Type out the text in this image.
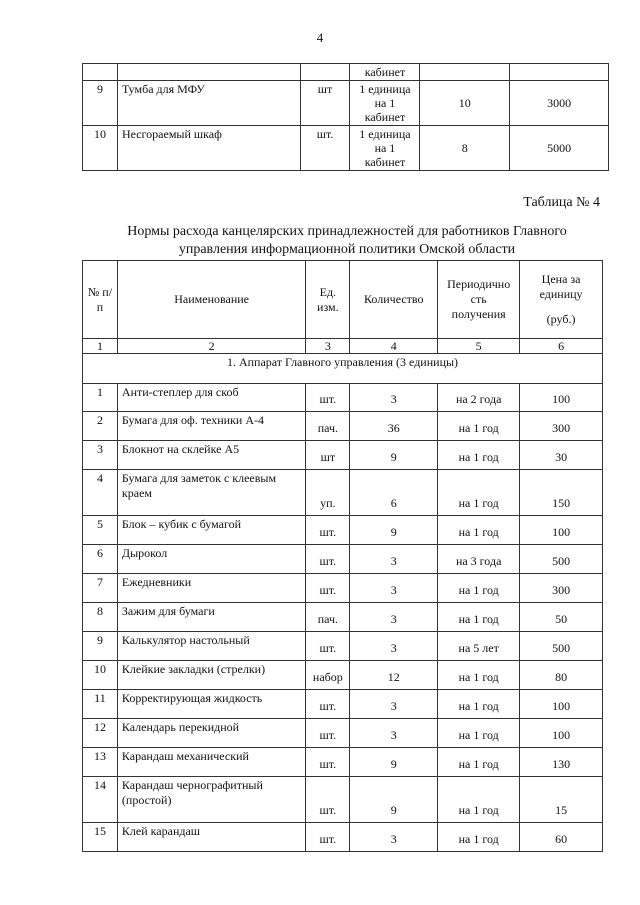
4
			кабинет		
9	Тумба для МФУ	шт	1 единица на 1 кабинет	10	3000
10	Несгораемый шкаф	шт.	1 единица на 1 кабинет	8	5000
Таблица № 4
Нормы расхода канцелярских принадлежностей для работников Главного управления информационной политики Омской области
№ п/п	Наименование	Ед. изм.	Количество	Периодично сть получения	Цена за единицу
(руб.)

1	2	3	4	5	6
1. Аппарат Главного управления (3 единицы)					
1	Анти-степлер для скоб	шт.	3	на 2 года	100
2	Бумага для оф. техники А-4	пач.	36	на 1 год	300
3	Блокнот на склейке А5	шт	9	на 1 год	30
4	Бумага для заметок с клеевым краем	уп.	6	на 1 год	150
5	Блок – кубик с бумагой	шт.	9	на 1 год	100
6	Дырокол	шт.	3	на 3 года	500
7	Ежедневники	шт.	3	на 1 год	300
8	Зажим для бумаги	пач.	3	на 1 год	50
9	Калькулятор настольный	шт.	3	на 5 лет	500
10	Клейкие закладки (стрелки)	набор	12	на 1 год	80
11	Корректирующая жидкость	шт.	3	на 1 год	100
12	Календарь перекидной	шт.	3	на 1 год	100
13	Карандаш механический	шт.	9	на 1 год	130
14	Карандаш чернографитный (простой)	шт.	9	на 1 год	15
15	Клей карандаш	шт.	3	на 1 год	60
